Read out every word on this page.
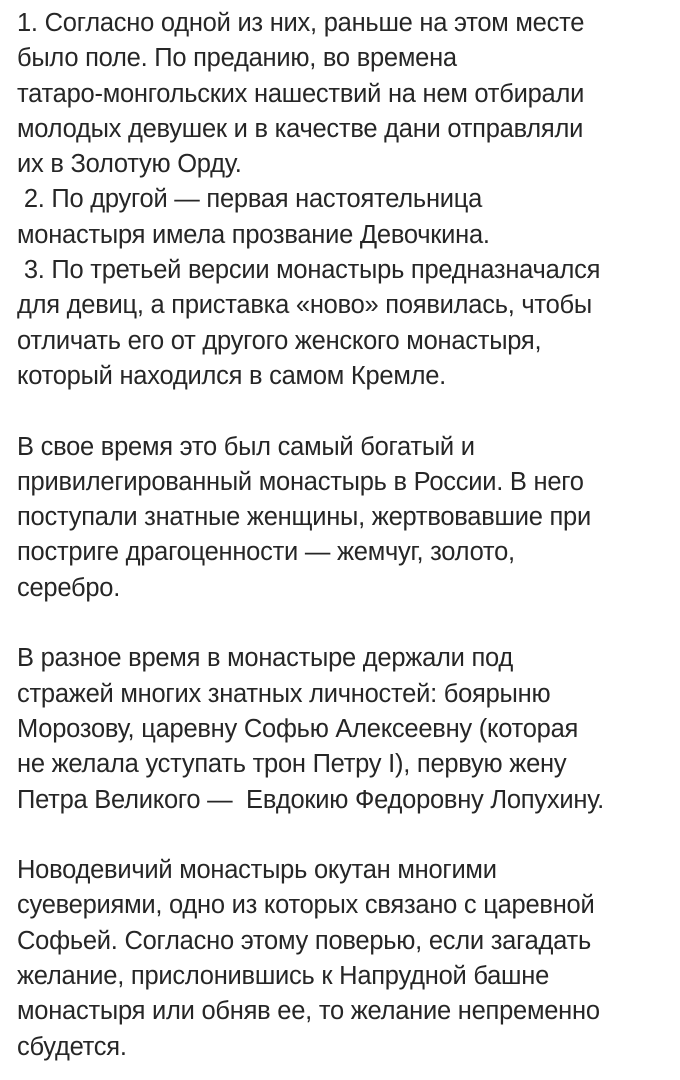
1. Согласно одной из них, раньше на этом месте
было поле. По преданию, во времена
татаро-монгольских нашествий на нем отбирали
молодых девушек и в качестве дани отправляли
их в Золотую Орду.
2. По другой — первая настоятельница
монастыря имела прозвание Девочкина.
3. По третьей версии монастырь предназначался
для девиц, а приставка «ново» появилась, чтобы
отличать его от другого женского монастыря,
который находился в самом Кремле.
В свое время это был самый богатый и
привилегированный монастырь в России. В него
поступали знатные женщины, жертвовавшие при
постриге драгоценности — жемчуг, золото,
серебро.
В разное время в монастыре держали под
стражей многих знатных личностей: боярыню
Морозову, царевну Софью Алексеевну (которая
не желала уступать трон Петру I), первую жену
Петра Великого —  Евдокию Федоровну Лопухину.
Новодевичий монастырь окутан многими
суевериями, одно из которых связано с царевной
Софьей. Согласно этому поверью, если загадать
желание, прислонившись к Напрудной башне
монастыря или обняв ее, то желание непременно
сбудется.
